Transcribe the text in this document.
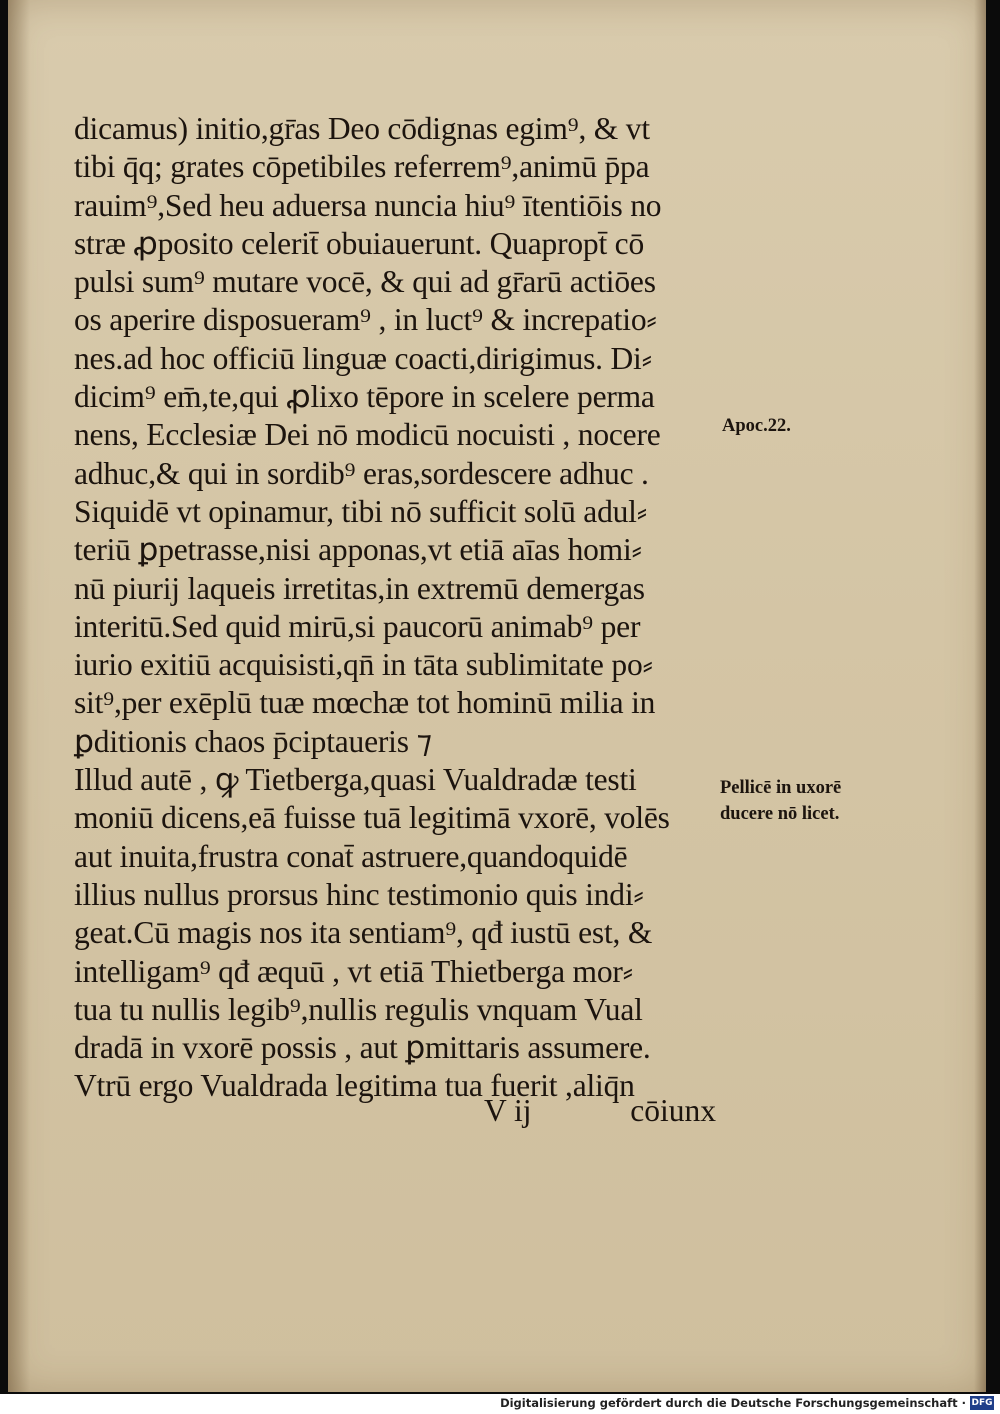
dicamus) initio,gr̄as Deo cōdignas egim⁹, & vt
tibi q̄q; grates cōpetibiles referrem⁹,animū p̄pa
rauim⁹,Sed heu aduersa nuncia hiu⁹ ītentiōis no
stræ ꝓposito celerit̄ obuiauerunt. Quapropt̄ cō
pulsi sum⁹ mutare vocē, & qui ad gr̄arū actiōes
os aperire disposueram⁹ , in luct⁹ & increpatio⸗
nes.ad hoc officiū linguæ coacti,dirigimus. Di⸗
dicim⁹ em̄,te,qui ꝓlixo tēpore in scelere perma
nens, Ecclesiæ Dei nō modicū nocuisti , nocere
adhuc,& qui in sordib⁹ eras,sordescere adhuc .
Siquidē vt opinamur, tibi nō sufficit solū adul⸗
teriū ꝑpetrasse,nisi apponas,vt etiā aīas homi⸗
nū piurij laqueis irretitas,in extremū demergas
interitū.Sed quid mirū,si paucorū animab⁹ per
iurio exitiū acquisisti,qn̄ in tāta sublimitate po⸗
sit⁹,per exēplū tuæ mœchæ tot hominū milia in
ꝑditionis chaos p̄ciptaueris ⁊
Illud autē , ꝙ Tietberga,quasi Vualdradæ testi
moniū dicens,eā fuisse tuā legitimā vxorē, volēs
aut inuita,frustra conat̄ astruere,quandoquidē
illius nullus prorsus hinc testimonio quis indi⸗
geat.Cū magis nos ita sentiam⁹, qđ iustū est, &
intelligam⁹ qđ æquū , vt etiā Thietberga mor⸗
tua tu nullis legib⁹,nullis regulis vnquam Vual
dradā in vxorē possis , aut ꝑmittaris assumere.
Vtrū ergo Vualdrada legitima tua fuerit ,aliq̄n
V ij	cōiunx
Apoc.22.
Pellicē in uxorē
ducere nō licet.
Digitalisierung gefördert durch die Deutsche Forschungsgemeinschaft · DFG
